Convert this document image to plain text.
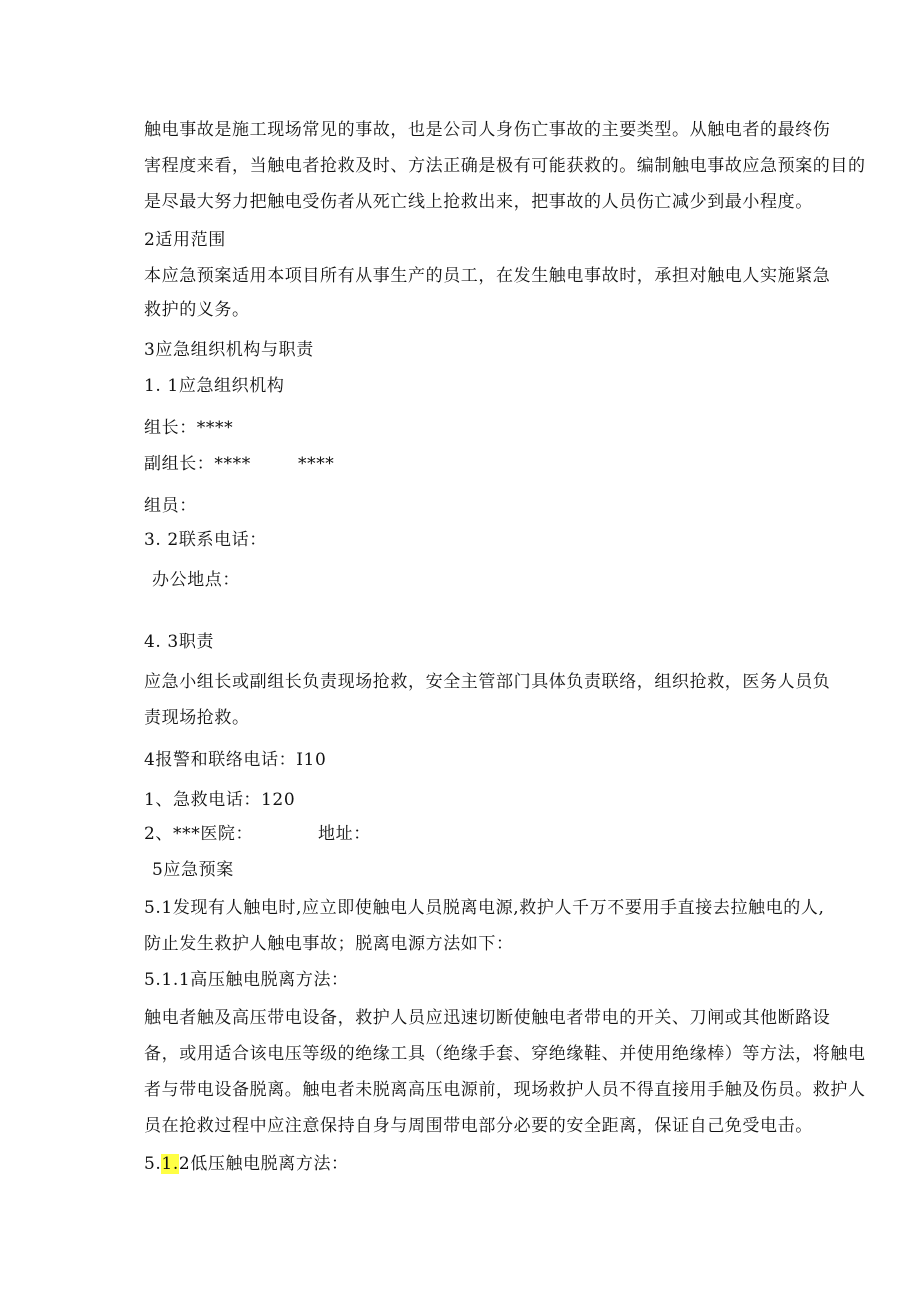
触电事故是施工现场常见的事故，也是公司人身伤亡事故的主要类型。从触电者的最终伤
害程度来看，当触电者抢救及时、方法正确是极有可能获救的。编制触电事故应急预案的目的
是尽最大努力把触电受伤者从死亡线上抢救出来，把事故的人员伤亡减少到最小程度。
2适用范围
本应急预案适用本项目所有从事生产的员工，在发生触电事故时，承担对触电人实施紧急
救护的义务。
3应急组织机构与职责
1. 1应急组织机构
组长：****
副组长：****	****
组员：
3. 2联系电话：
办公地点：
4. 3职责
应急小组长或副组长负责现场抢救，安全主管部门具体负责联络，组织抢救，医务人员负
责现场抢救。
4报警和联络电话：I10
1、急救电话：120
2、***医院：	地址：
5应急预案
5.1发现有人触电时,应立即使触电人员脱离电源,救护人千万不要用手直接去拉触电的人,
防止发生救护人触电事故；脱离电源方法如下：
5.1.1高压触电脱离方法：
触电者触及高压带电设备，救护人员应迅速切断使触电者带电的开关、刀闸或其他断路设
备，或用适合该电压等级的绝缘工具（绝缘手套、穿绝缘鞋、并使用绝缘棒）等方法，将触电
者与带电设备脱离。触电者未脱离高压电源前，现场救护人员不得直接用手触及伤员。救护人
员在抢救过程中应注意保持自身与周围带电部分必要的安全距离，保证自己免受电击。
5.1.2低压触电脱离方法：
